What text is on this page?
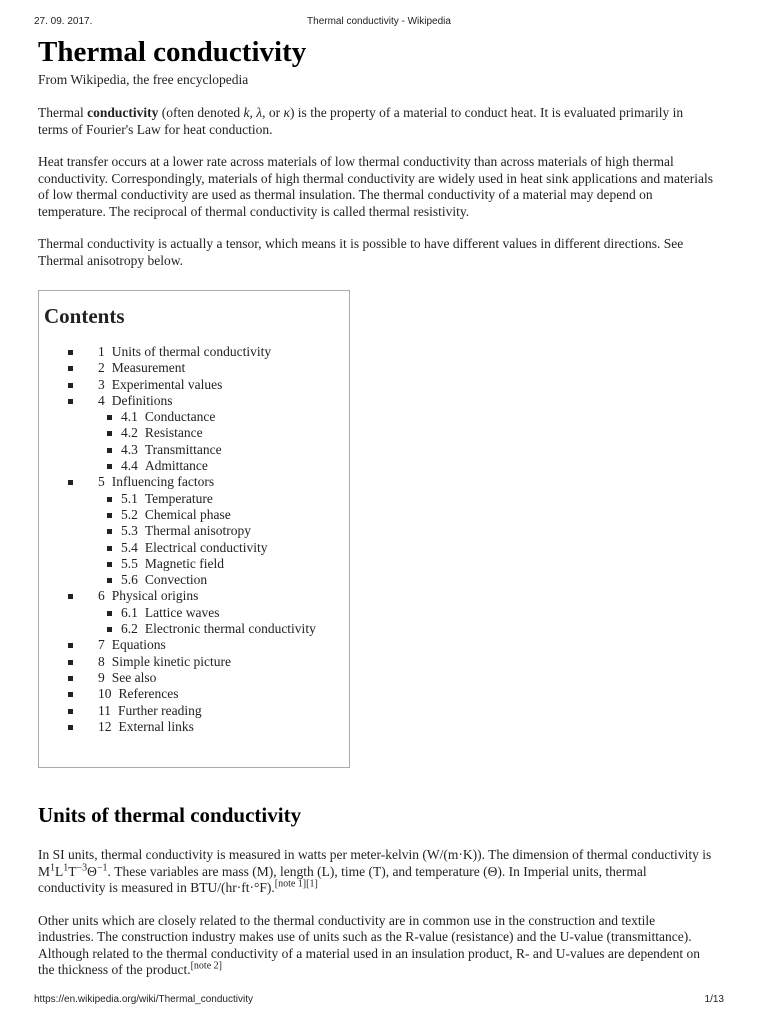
27. 09. 2017.	Thermal conductivity - Wikipedia
Thermal conductivity
From Wikipedia, the free encyclopedia

Thermal conductivity (often denoted k, λ, or κ) is the property of a material to conduct heat. It is evaluated primarily in terms of Fourier's Law for heat conduction.

Heat transfer occurs at a lower rate across materials of low thermal conductivity than across materials of high thermal conductivity. Correspondingly, materials of high thermal conductivity are widely used in heat sink applications and materials of low thermal conductivity are used as thermal insulation. The thermal conductivity of a material may depend on temperature. The reciprocal of thermal conductivity is called thermal resistivity.

Thermal conductivity is actually a tensor, which means it is possible to have different values in different directions. See Thermal anisotropy below.

Contents
1 Units of thermal conductivity
2 Measurement
3 Experimental values
4 Definitions
4.1 Conductance
4.2 Resistance
4.3 Transmittance
4.4 Admittance
5 Influencing factors
5.1 Temperature
5.2 Chemical phase
5.3 Thermal anisotropy
5.4 Electrical conductivity
5.5 Magnetic field
5.6 Convection
6 Physical origins
6.1 Lattice waves
6.2 Electronic thermal conductivity
7 Equations
8 Simple kinetic picture
9 See also
10 References
11 Further reading
12 External links
Units of thermal conductivity

In SI units, thermal conductivity is measured in watts per meter-kelvin (W/(m·K)). The dimension of thermal conductivity is $M^1L^1T^{-3}\Theta^{-1}$. These variables are mass (M), length (L), time (T), and temperature (Θ). In Imperial units, thermal conductivity is measured in BTU/(hr·ft·°F).[note 1][1]

Other units which are closely related to the thermal conductivity are in common use in the construction and textile industries. The construction industry makes use of units such as the R-value (resistance) and the U-value (transmittance). Although related to the thermal conductivity of a material used in an insulation product, R- and U-values are dependent on the thickness of the product.[note 2]

https://en.wikipedia.org/wiki/Thermal_conductivity	1/13
